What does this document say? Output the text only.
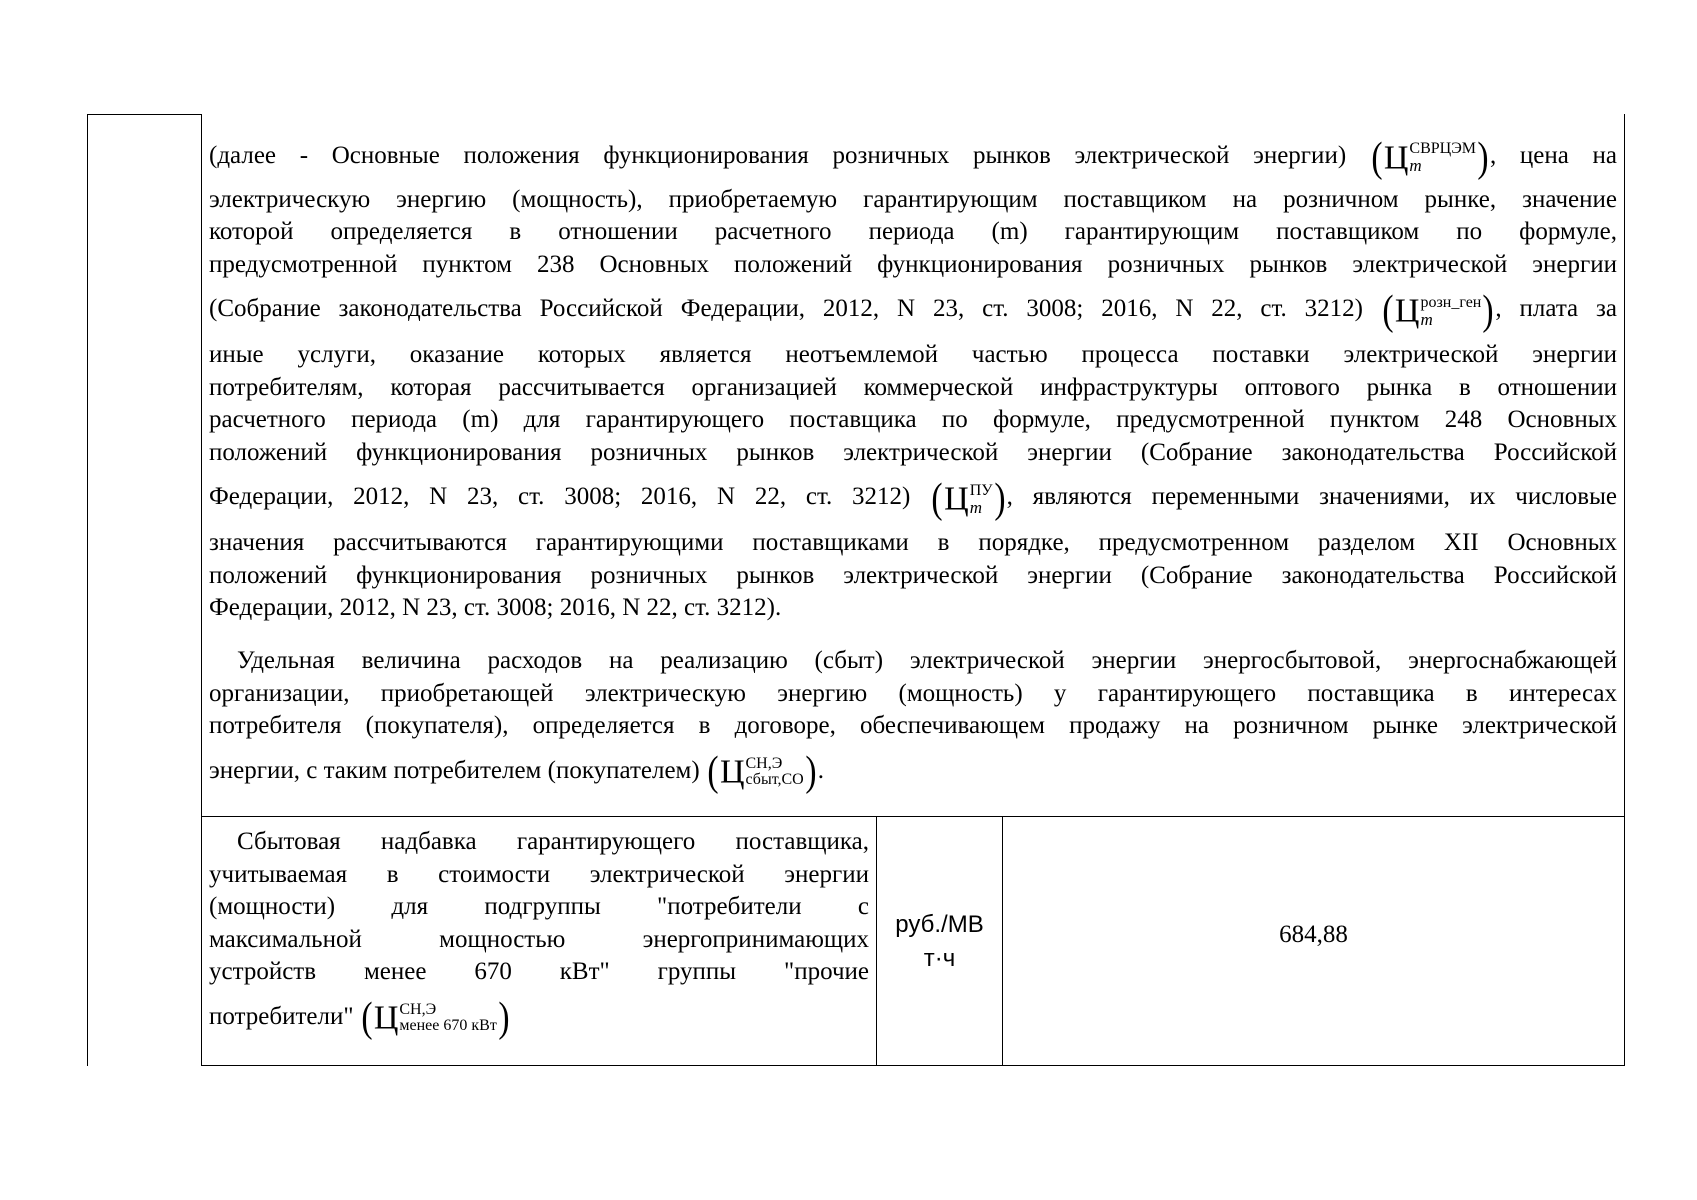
(далее - Основные положения функционирования розничных рынков электрической энергии) (Ц СВРЦЭМ
m	), цена на
электрическую энергию (мощность), приобретаемую гарантирующим поставщиком на розничном рынке, значение
которой определяется в отношении расчетного периода (m) гарантирующим поставщиком по формуле,
предусмотренной пунктом 238 Основных положений функционирования розничных рынков электрической энергии
(Собрание законодательства Российской Федерации, 2012, N 23, ст. 3008; 2016, N 22, ст. 3212) (Ц розн_ген
m	), плата за
иные услуги, оказание которых является неотъемлемой частью процесса поставки электрической энергии
потребителям, которая рассчитывается организацией коммерческой инфраструктуры оптового рынка в отношении
расчетного периода (m) для гарантирующего поставщика по формуле, предусмотренной пунктом 248 Основных
положений функционирования розничных рынков электрической энергии (Собрание законодательства Российской
Федерации, 2012, N 23, ст. 3008; 2016, N 22, ст. 3212) (Ц ПУ
m ), являются переменными значениями, их числовые
значения рассчитываются гарантирующими поставщиками в порядке, предусмотренном разделом XII Основных
положений функционирования розничных рынков электрической энергии (Собрание законодательства Российской
Федерации, 2012, N 23, ст. 3008; 2016, N 22, ст. 3212).
Удельная величина расходов на реализацию (сбыт) электрической энергии энергосбытовой, энергоснабжающей
организации, приобретающей электрическую энергию (мощность) у гарантирующего поставщика в интересах
потребителя (покупателя), определяется в договоре, обеспечивающем продажу на розничном рынке электрической
энергии, с таким потребителем (покупателем) (Ц СН,Э
сбыт,СО ).
Сбытовая надбавка гарантирующего поставщика,
учитываемая в стоимости электрической энергии
(мощности) для подгруппы "потребители с
максимальной мощностью энергопринимающих
устройств менее 670 кВт" группы "прочие
потребители" (Ц СН,Э
менее 670 кВт )
руб./МВ
т·ч
684,88
